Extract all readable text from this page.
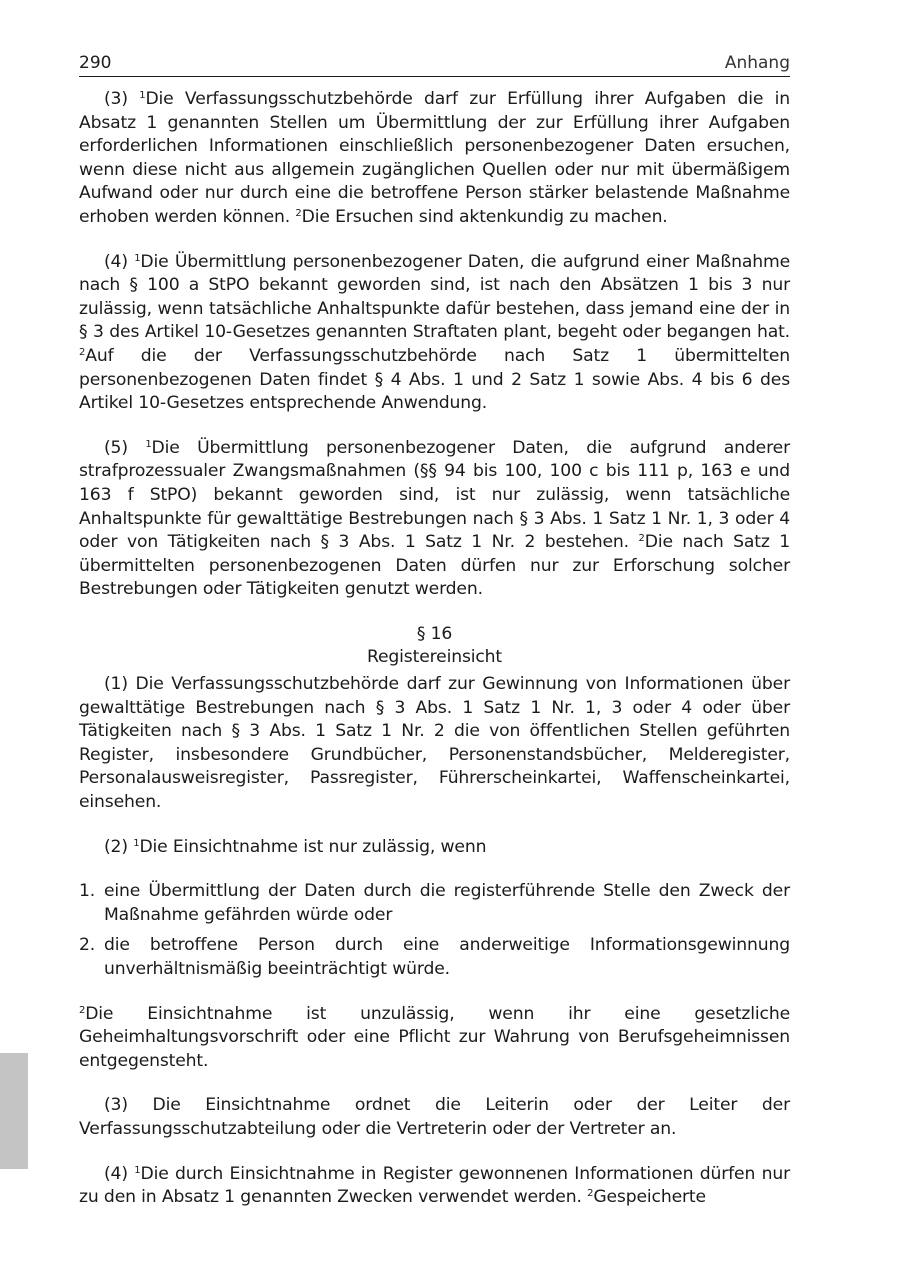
290	Anhang

(3) $^1$Die Verfassungsschutzbehörde darf zur Erfüllung ihrer Aufgaben die in Absatz 1 genannten Stellen um Übermittlung der zur Erfüllung ihrer Aufgaben erforderlichen Informationen einschließlich personenbezogener Daten ersuchen, wenn diese nicht aus allgemein zugänglichen Quellen oder nur mit übermäßigem Aufwand oder nur durch eine die betroffene Person stärker belastende Maßnahme erhoben werden können. $^2$Die Ersuchen sind aktenkundig zu machen.

(4) $^1$Die Übermittlung personenbezogener Daten, die aufgrund einer Maßnahme nach § 100 a StPO bekannt geworden sind, ist nach den Absätzen 1 bis 3 nur zulässig, wenn tatsächliche Anhaltspunkte dafür bestehen, dass jemand eine der in § 3 des Artikel 10-Gesetzes genannten Straftaten plant, begeht oder begangen hat. $^2$Auf die der Verfassungsschutzbehörde nach Satz 1 übermittelten personenbezogenen Daten findet § 4 Abs. 1 und 2 Satz 1 sowie Abs. 4 bis 6 des Artikel 10-Gesetzes entsprechende Anwendung.

(5) $^1$Die Übermittlung personenbezogener Daten, die aufgrund anderer strafprozessualer Zwangsmaßnahmen (§§ 94 bis 100, 100 c bis 111 p, 163 e und 163 f StPO) bekannt geworden sind, ist nur zulässig, wenn tatsächliche Anhaltspunkte für gewalttätige Bestrebungen nach § 3 Abs. 1 Satz 1 Nr. 1, 3 oder 4 oder von Tätigkeiten nach § 3 Abs. 1 Satz 1 Nr. 2 bestehen. $^2$Die nach Satz 1 übermittelten personenbezogenen Daten dürfen nur zur Erforschung solcher Bestrebungen oder Tätigkeiten genutzt werden.

§ 16

Registereinsicht

(1) Die Verfassungsschutzbehörde darf zur Gewinnung von Informationen über gewalttätige Bestrebungen nach § 3 Abs. 1 Satz 1 Nr. 1, 3 oder 4 oder über Tätigkeiten nach § 3 Abs. 1 Satz 1 Nr. 2 die von öffentlichen Stellen geführten Register, insbesondere Grundbücher, Personenstandsbücher, Melderegister, Personalausweisregister, Passregister, Führerscheinkartei, Waffenscheinkartei, einsehen.

(2) $^1$Die Einsichtnahme ist nur zulässig, wenn

1. eine Übermittlung der Daten durch die registerführende Stelle den Zweck der Maßnahme gefährden würde oder
2. die betroffene Person durch eine anderweitige Informationsgewinnung unverhältnismäßig beeinträchtigt würde.

$^2$Die Einsichtnahme ist unzulässig, wenn ihr eine gesetzliche Geheimhaltungsvorschrift oder eine Pflicht zur Wahrung von Berufsgeheimnissen entgegensteht.

(3) Die Einsichtnahme ordnet die Leiterin oder der Leiter der Verfassungsschutzabteilung oder die Vertreterin oder der Vertreter an.

(4) $^1$Die durch Einsichtnahme in Register gewonnenen Informationen dürfen nur zu den in Absatz 1 genannten Zwecken verwendet werden. $^2$Gespeicherte
